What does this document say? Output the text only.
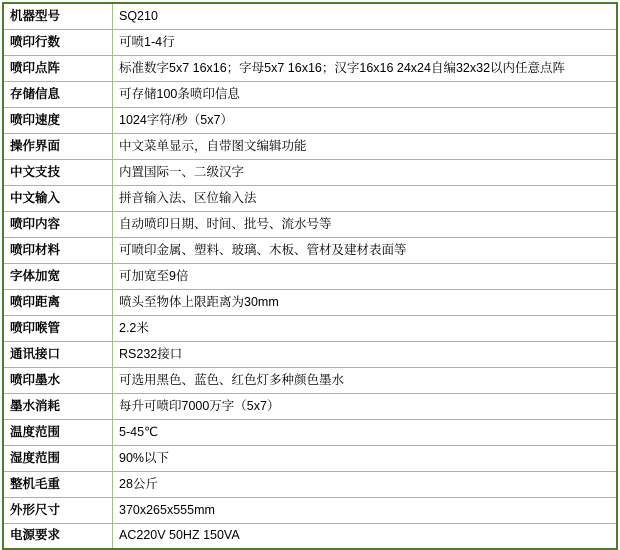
机器型号	SQ210
喷印行数	可喷1-4行
喷印点阵	标准数字5x7 16x16；字母5x7 16x16；汉字16x16 24x24自编32x32以内任意点阵
存储信息	可存储100条喷印信息
喷印速度	1024字符/秒（5x7）
操作界面	中文菜单显示，自带图文编辑功能
中文支技	内置国际一、二级汉字
中文输入	拼音输入法、区位输入法
喷印内容	自动喷印日期、时间、批号、流水号等
喷印材料	可喷印金属、塑料、玻璃、木板、管材及建材表面等
字体加宽	可加宽至9倍
喷印距离	喷头至物体上限距离为30mm
喷印喉管	2.2米
通讯接口	RS232接口
喷印墨水	可选用黑色、蓝色、红色灯多种颜色墨水
墨水消耗	每升可喷印7000万字（5x7）
温度范围	5-45℃
湿度范围	90%以下
整机毛重	28公斤
外形尺寸	370x265x555mm
电源要求	AC220V 50HZ 150VA
